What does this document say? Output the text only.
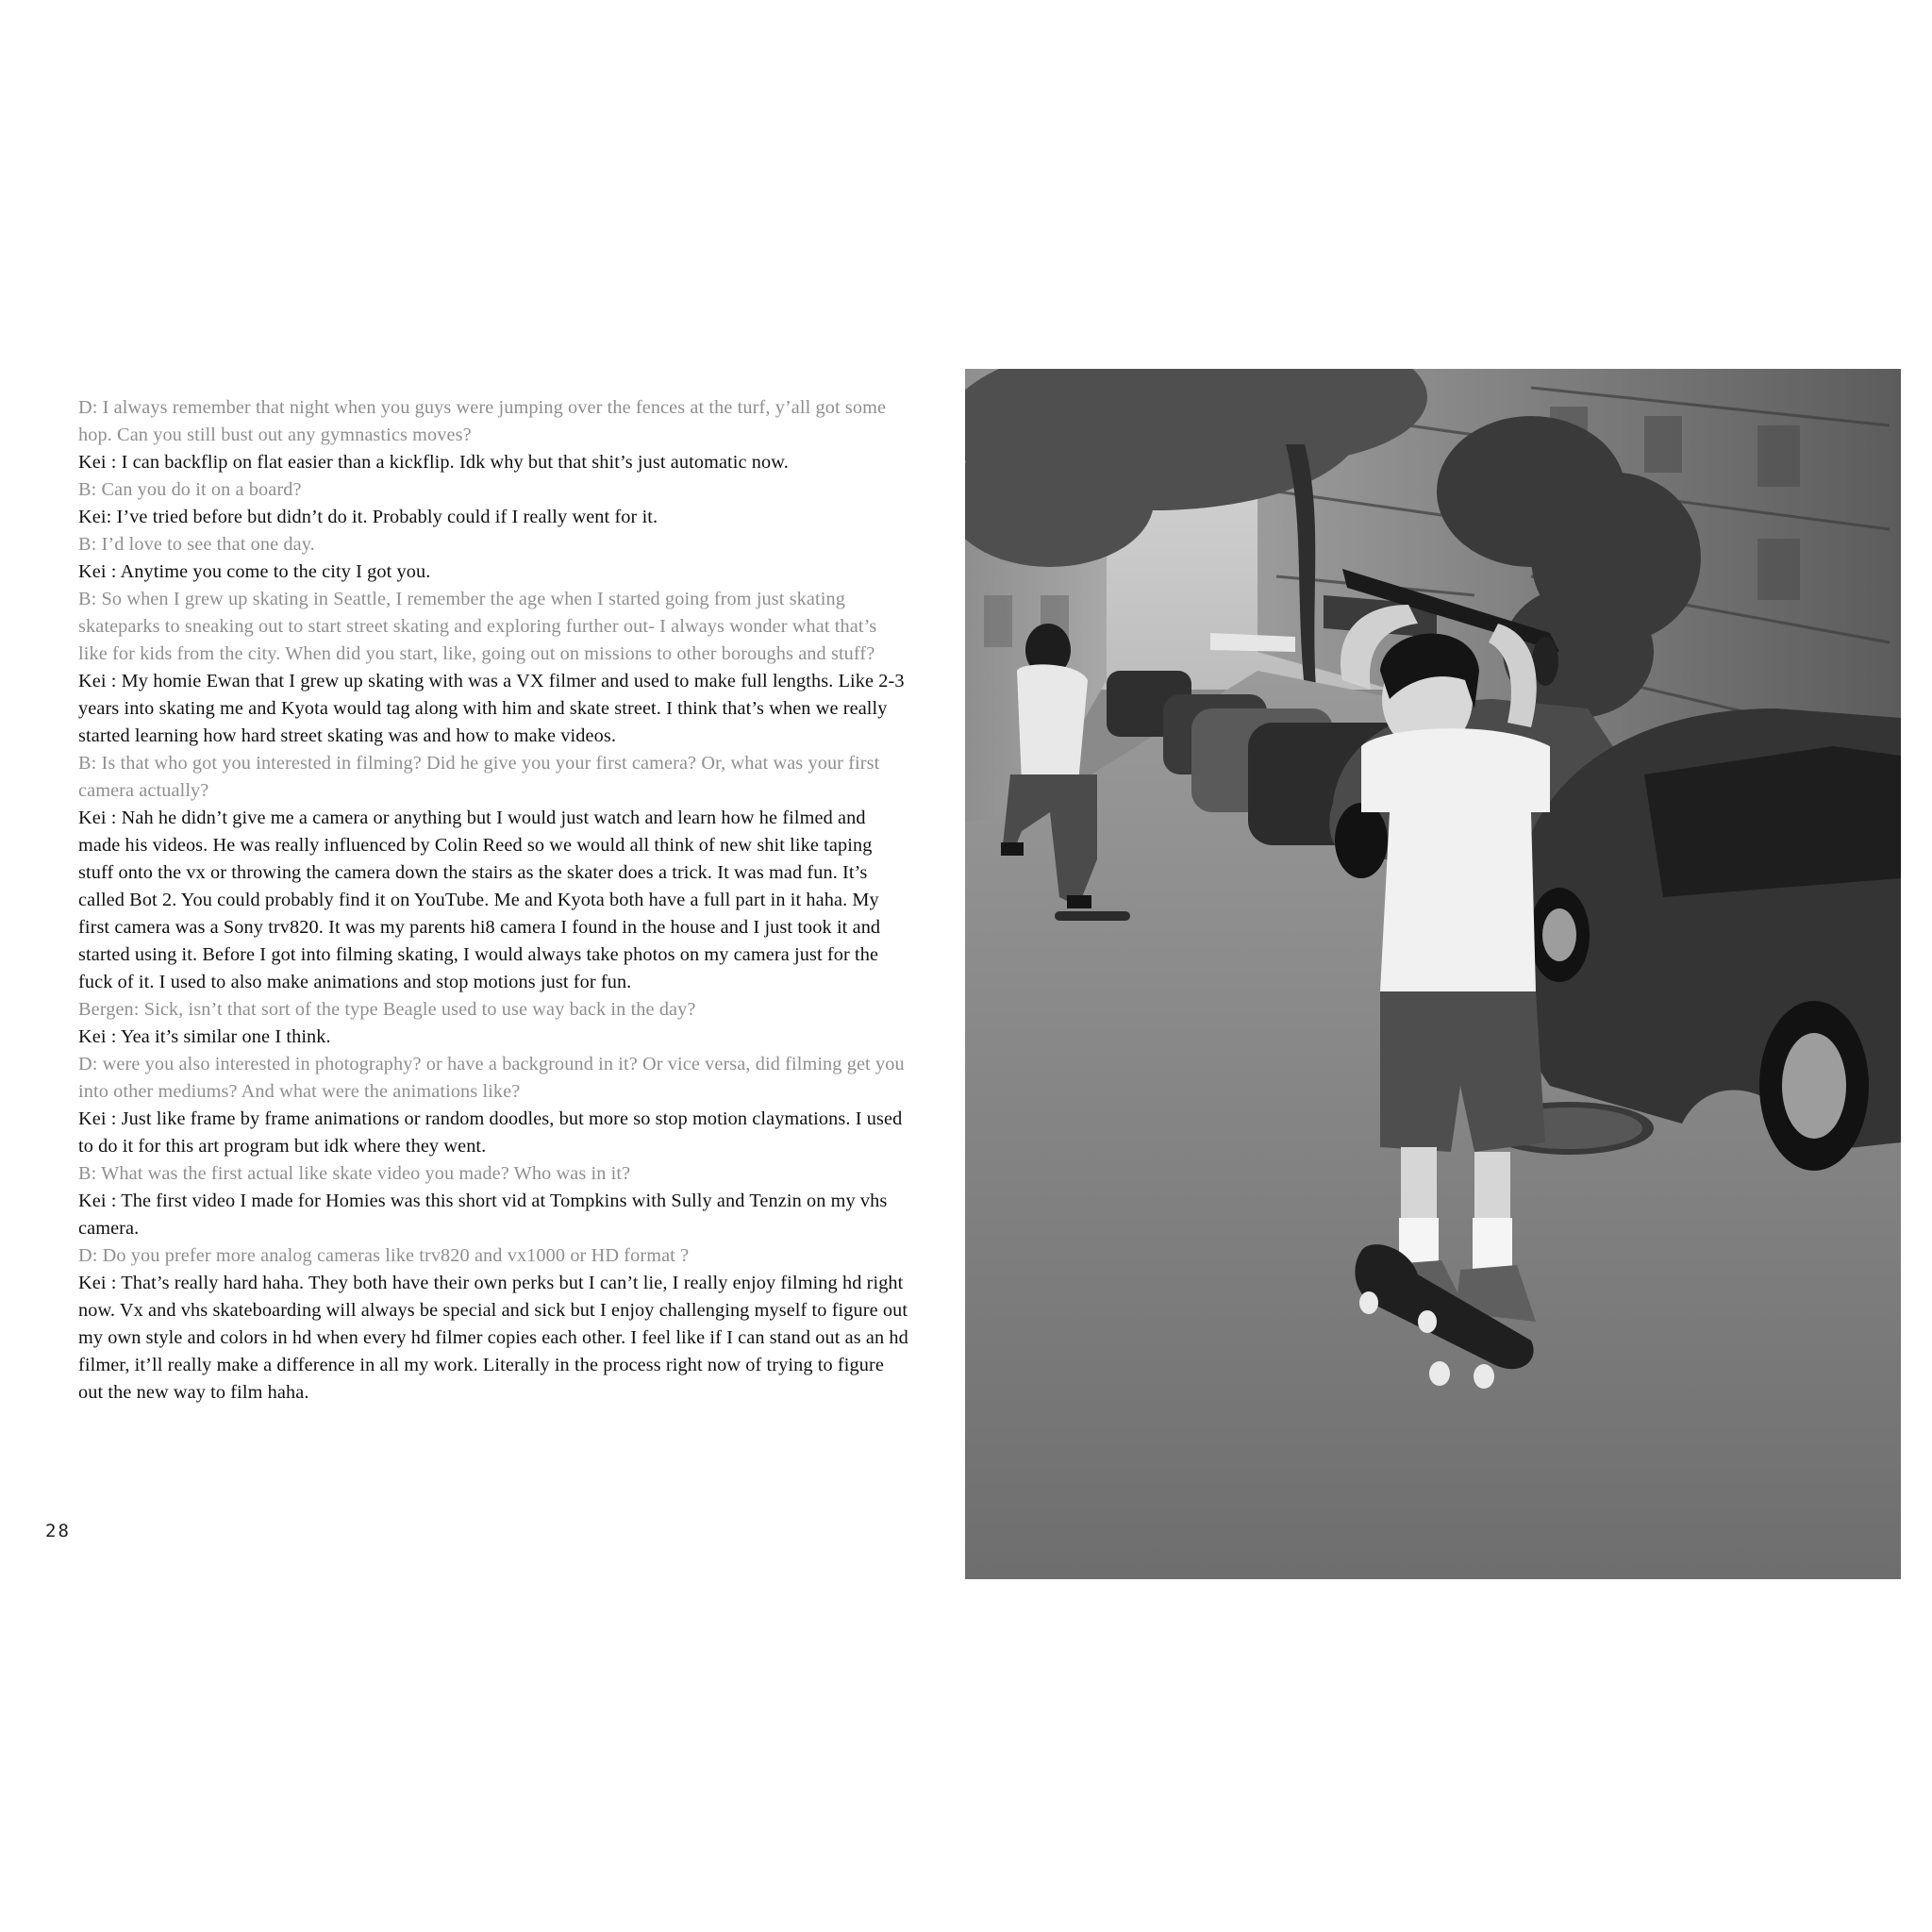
D: I always remember that night when you guys were jumping over the fences at the turf, y’all got some hop. Can you still bust out any gymnastics moves?

Kei : I can backflip on flat easier than a kickflip. Idk why but that shit’s just automatic now.

B: Can you do it on a board?

Kei: I’ve tried before but didn’t do it. Probably could if I really went for it.

B: I’d love to see that one day.

Kei : Anytime you come to the city I got you.

B: So when I grew up skating in Seattle, I remember the age when I started going from just skating skateparks to sneaking out to start street skating and exploring further out- I always wonder what that’s like for kids from the city. When did you start, like, going out on missions to other boroughs and stuff?

Kei : My homie Ewan that I grew up skating with was a VX filmer and used to make full lengths. Like 2-3 years into skating me and Kyota would tag along with him and skate street. I think that’s when we really started learning how hard street skating was and how to make videos.

B: Is that who got you interested in filming? Did he give you your first camera? Or, what was your first camera actually?

Kei : Nah he didn’t give me a camera or anything but I would just watch and learn how he filmed and made his videos. He was really influenced by Colin Reed so we would all think of new shit like taping stuff onto the vx or throwing the camera down the stairs as the skater does a trick. It was mad fun. It’s called Bot 2. You could probably find it on YouTube. Me and Kyota both have a full part in it haha. My first camera was a Sony trv820. It was my parents hi8 camera I found in the house and I just took it and started using it. Before I got into filming skating, I would always take photos on my camera just for the fuck of it. I used to also make animations and stop motions just for fun.

Bergen: Sick, isn’t that sort of the type Beagle used to use way back in the day?

Kei : Yea it’s similar one I think.

D: were you also interested in photography? or have a background in it? Or vice versa, did filming get you into other mediums? And what were the animations like?

Kei : Just like frame by frame animations or random doodles, but more so stop motion claymations. I used to do it for this art program but idk where they went.

B: What was the first actual like skate video you made? Who was in it?

Kei : The first video I made for Homies was this short vid at Tompkins with Sully and Tenzin on my vhs camera.

D: Do you prefer more analog cameras like trv820 and vx1000 or HD format ?

Kei : That’s really hard haha. They both have their own perks but I can’t lie, I really enjoy filming hd right now. Vx and vhs skateboarding will always be special and sick but I enjoy challenging myself to figure out my own style and colors in hd when every hd filmer copies each other. I feel like if I can stand out as an hd filmer, it’ll really make a difference in all my work. Literally in the process right now of trying to figure out the new way to film haha.

28
